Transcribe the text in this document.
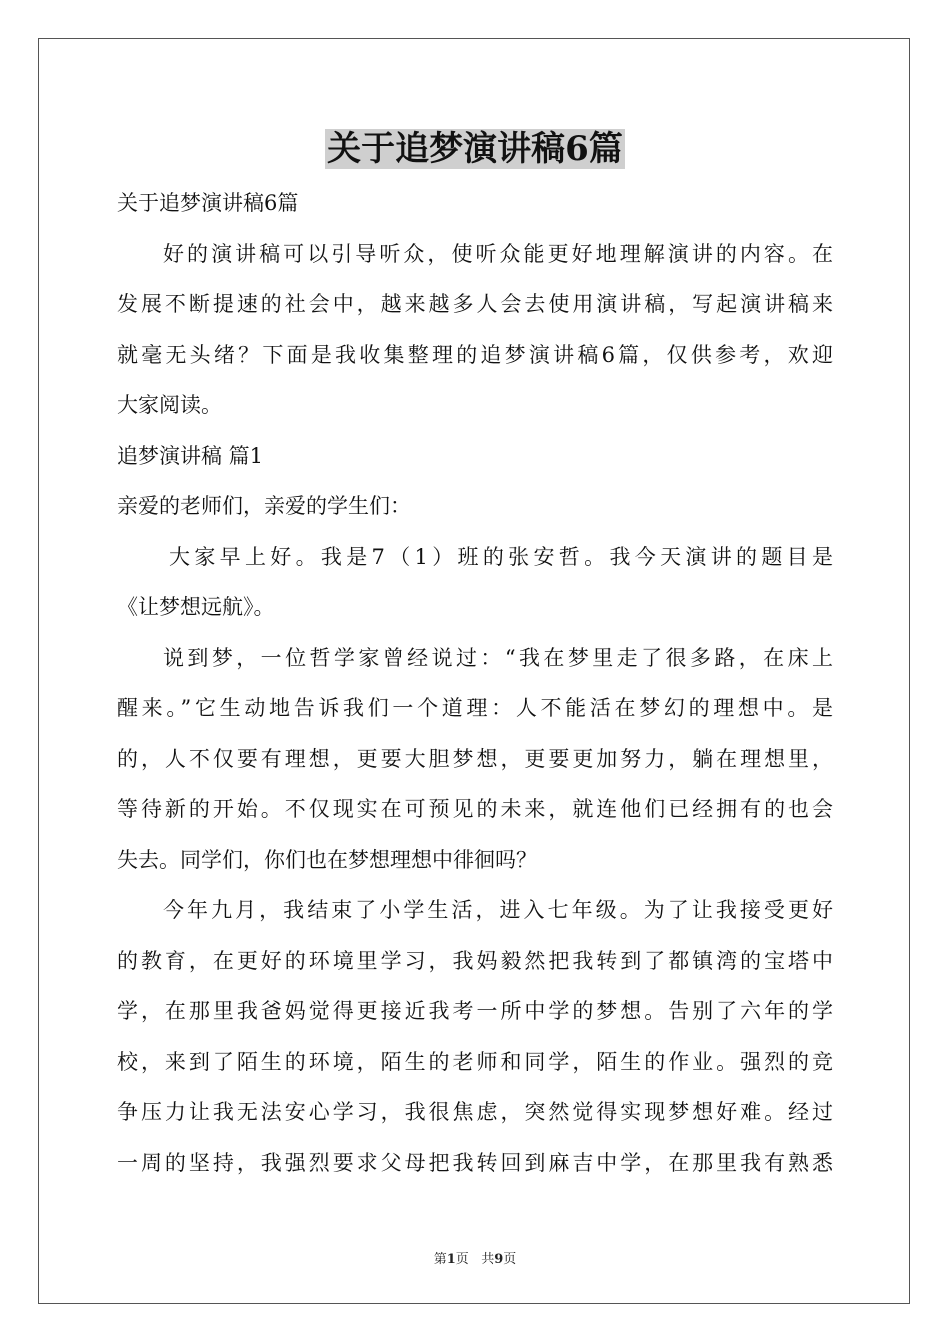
关于追梦演讲稿6篇

关于追梦演讲稿6篇

好的演讲稿可以引导听众，使听众能更好地理解演讲的内容。在

发展不断提速的社会中，越来越多人会去使用演讲稿，写起演讲稿来

就毫无头绪？下面是我收集整理的追梦演讲稿6篇，仅供参考，欢迎

大家阅读。

追梦演讲稿 篇1

亲爱的老师们，亲爱的学生们：

大家早上好。我是7（1）班的张安哲。我今天演讲的题目是

《让梦想远航》。

说到梦，一位哲学家曾经说过：“我在梦里走了很多路，在床上

醒来。”它生动地告诉我们一个道理：人不能活在梦幻的理想中。是

的，人不仅要有理想，更要大胆梦想，更要更加努力，躺在理想里，

等待新的开始。不仅现实在可预见的未来，就连他们已经拥有的也会

失去。同学们，你们也在梦想理想中徘徊吗？

今年九月，我结束了小学生活，进入七年级。为了让我接受更好

的教育，在更好的环境里学习，我妈毅然把我转到了都镇湾的宝塔中

学，在那里我爸妈觉得更接近我考一所中学的梦想。告别了六年的学

校，来到了陌生的环境，陌生的老师和同学，陌生的作业。强烈的竞

争压力让我无法安心学习，我很焦虑，突然觉得实现梦想好难。经过

一周的坚持，我强烈要求父母把我转回到麻吉中学，在那里我有熟悉

第1页 共9页
